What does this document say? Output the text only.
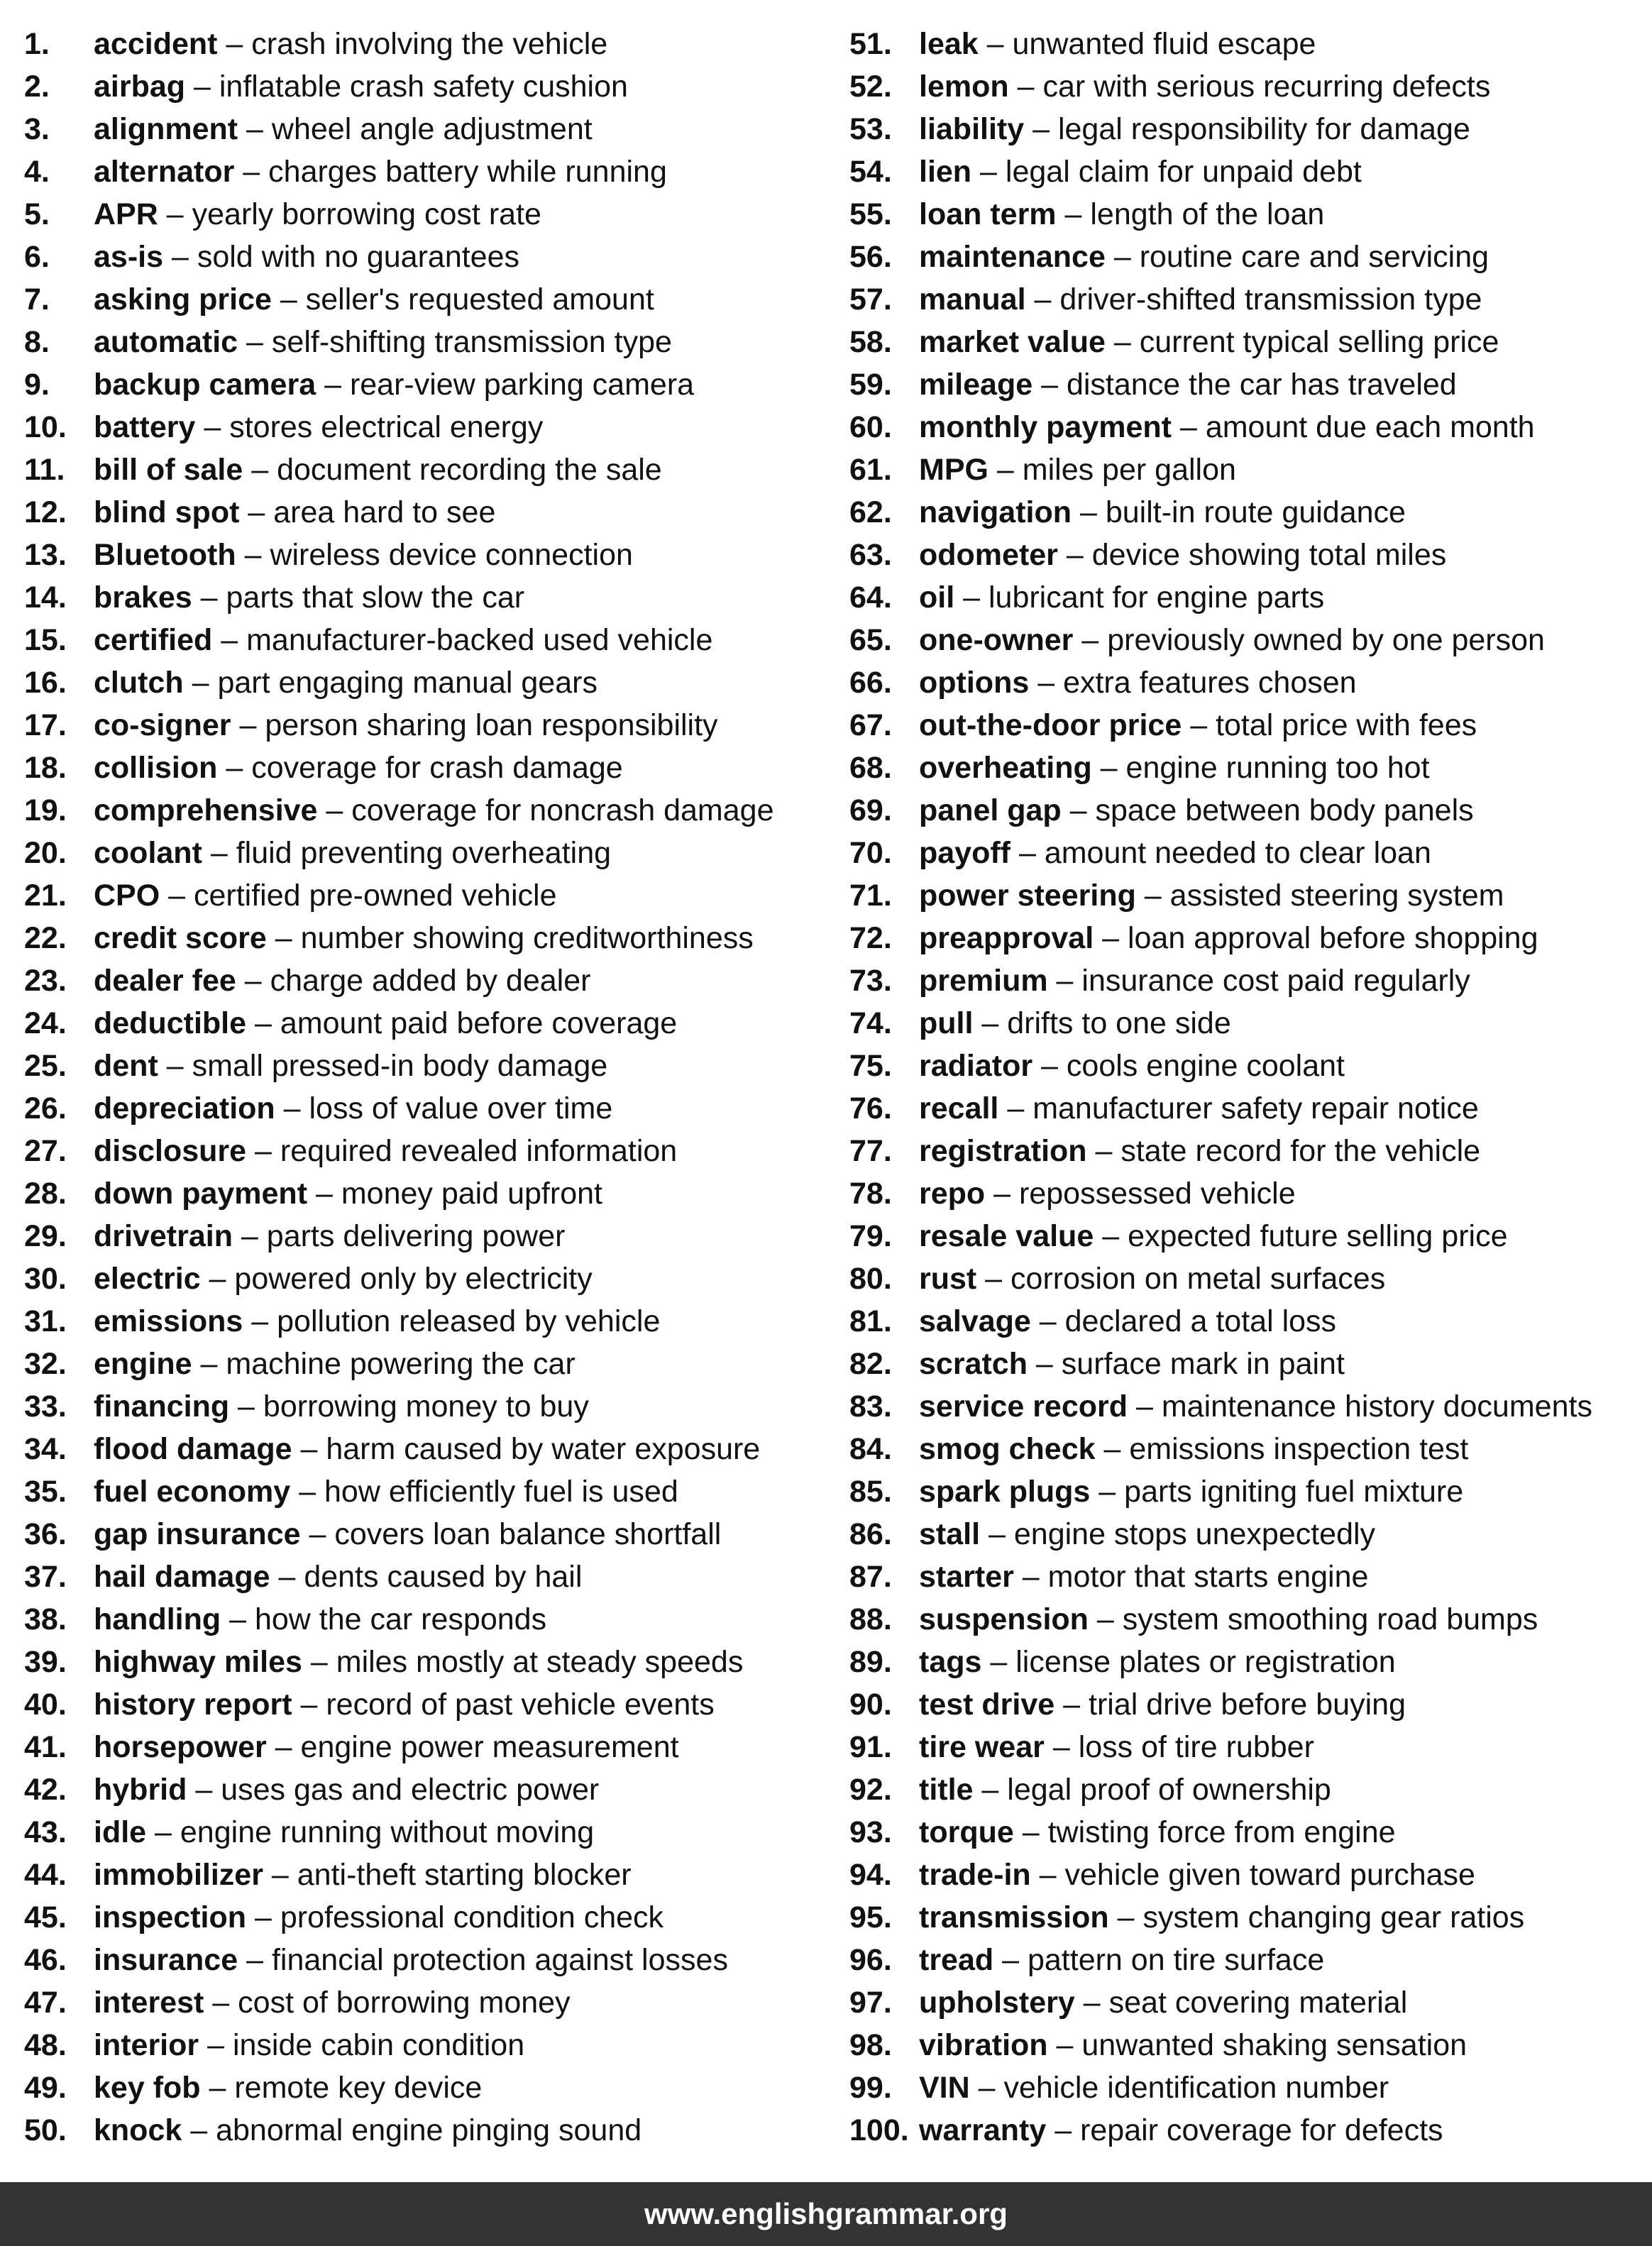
1. accident – crash involving the vehicle
2. airbag – inflatable crash safety cushion
3. alignment – wheel angle adjustment
4. alternator – charges battery while running
5. APR – yearly borrowing cost rate
6. as-is – sold with no guarantees
7. asking price – seller's requested amount
8. automatic – self-shifting transmission type
9. backup camera – rear-view parking camera
10. battery – stores electrical energy
11. bill of sale – document recording the sale
12. blind spot – area hard to see
13. Bluetooth – wireless device connection
14. brakes – parts that slow the car
15. certified – manufacturer-backed used vehicle
16. clutch – part engaging manual gears
17. co-signer – person sharing loan responsibility
18. collision – coverage for crash damage
19. comprehensive – coverage for noncrash damage
20. coolant – fluid preventing overheating
21. CPO – certified pre-owned vehicle
22. credit score – number showing creditworthiness
23. dealer fee – charge added by dealer
24. deductible – amount paid before coverage
25. dent – small pressed-in body damage
26. depreciation – loss of value over time
27. disclosure – required revealed information
28. down payment – money paid upfront
29. drivetrain – parts delivering power
30. electric – powered only by electricity
31. emissions – pollution released by vehicle
32. engine – machine powering the car
33. financing – borrowing money to buy
34. flood damage – harm caused by water exposure
35. fuel economy – how efficiently fuel is used
36. gap insurance – covers loan balance shortfall
37. hail damage – dents caused by hail
38. handling – how the car responds
39. highway miles – miles mostly at steady speeds
40. history report – record of past vehicle events
41. horsepower – engine power measurement
42. hybrid – uses gas and electric power
43. idle – engine running without moving
44. immobilizer – anti-theft starting blocker
45. inspection – professional condition check
46. insurance – financial protection against losses
47. interest – cost of borrowing money
48. interior – inside cabin condition
49. key fob – remote key device
50. knock – abnormal engine pinging sound
51. leak – unwanted fluid escape
52. lemon – car with serious recurring defects
53. liability – legal responsibility for damage
54. lien – legal claim for unpaid debt
55. loan term – length of the loan
56. maintenance – routine care and servicing
57. manual – driver-shifted transmission type
58. market value – current typical selling price
59. mileage – distance the car has traveled
60. monthly payment – amount due each month
61. MPG – miles per gallon
62. navigation – built-in route guidance
63. odometer – device showing total miles
64. oil – lubricant for engine parts
65. one-owner – previously owned by one person
66. options – extra features chosen
67. out-the-door price – total price with fees
68. overheating – engine running too hot
69. panel gap – space between body panels
70. payoff – amount needed to clear loan
71. power steering – assisted steering system
72. preapproval – loan approval before shopping
73. premium – insurance cost paid regularly
74. pull – drifts to one side
75. radiator – cools engine coolant
76. recall – manufacturer safety repair notice
77. registration – state record for the vehicle
78. repo – repossessed vehicle
79. resale value – expected future selling price
80. rust – corrosion on metal surfaces
81. salvage – declared a total loss
82. scratch – surface mark in paint
83. service record – maintenance history documents
84. smog check – emissions inspection test
85. spark plugs – parts igniting fuel mixture
86. stall – engine stops unexpectedly
87. starter – motor that starts engine
88. suspension – system smoothing road bumps
89. tags – license plates or registration
90. test drive – trial drive before buying
91. tire wear – loss of tire rubber
92. title – legal proof of ownership
93. torque – twisting force from engine
94. trade-in – vehicle given toward purchase
95. transmission – system changing gear ratios
96. tread – pattern on tire surface
97. upholstery – seat covering material
98. vibration – unwanted shaking sensation
99. VIN – vehicle identification number
100. warranty – repair coverage for defects
www.englishgrammar.org
